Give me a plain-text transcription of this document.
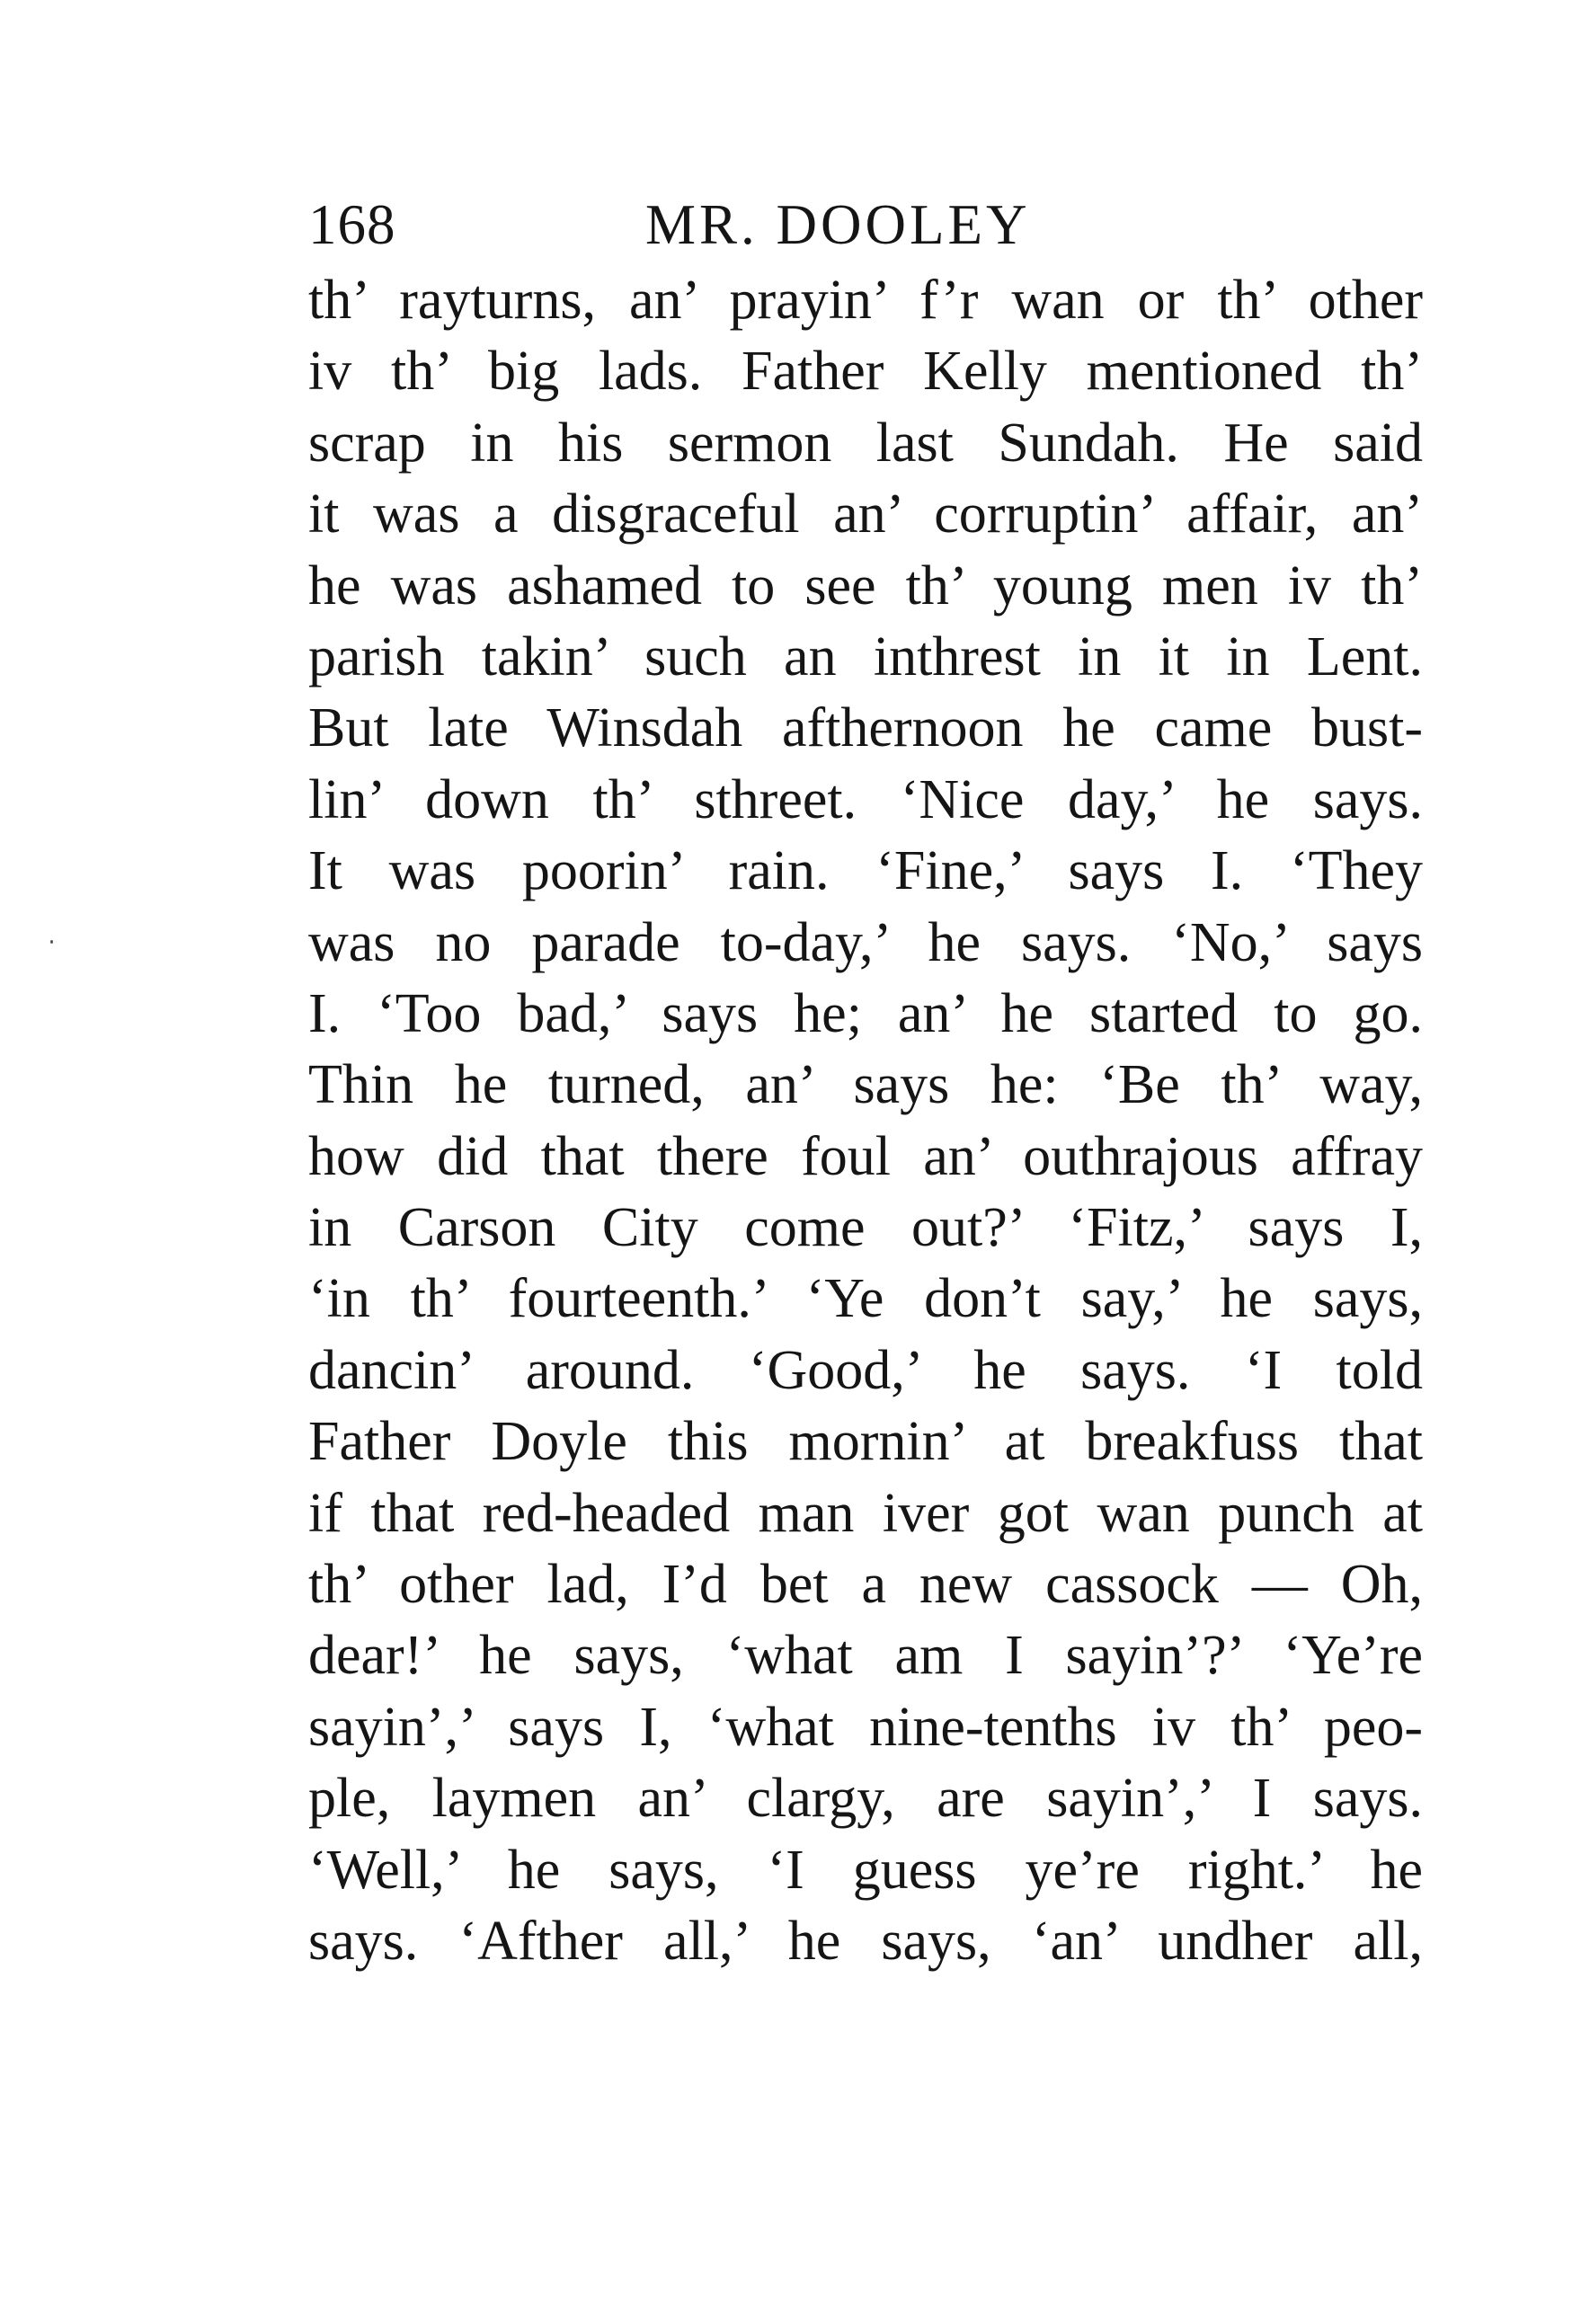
168	MR. DOOLEY
th’ rayturns, an’ prayin’ f’r wan or th’ other
iv th’ big lads. Father Kelly mentioned th’
scrap in his sermon last Sundah. He said
it was a disgraceful an’ corruptin’ affair, an’
he was ashamed to see th’ young men iv th’
parish takin’ such an inthrest in it in Lent.
But late Winsdah afthernoon he came bust-
lin’ down th’ sthreet. ‘Nice day,’ he says.
It was poorin’ rain. ‘Fine,’ says I. ‘They
was no parade to-day,’ he says. ‘No,’ says
I. ‘Too bad,’ says he; an’ he started to go.
Thin he turned, an’ says he: ‘Be th’ way,
how did that there foul an’ outhrajous affray
in Carson City come out?’ ‘Fitz,’ says I,
‘in th’ fourteenth.’ ‘Ye don’t say,’ he says,
dancin’ around. ‘Good,’ he says. ‘I told
Father Doyle this mornin’ at breakfuss that
if that red-headed man iver got wan punch at
th’ other lad, I’d bet a new cassock — Oh,
dear!’ he says, ‘what am I sayin’?’ ‘Ye’re
sayin’,’ says I, ‘what nine-tenths iv th’ peo-
ple, laymen an’ clargy, are sayin’,’ I says.
‘Well,’ he says, ‘I guess ye’re right.’ he
says. ‘Afther all,’ he says, ‘an’ undher all,
